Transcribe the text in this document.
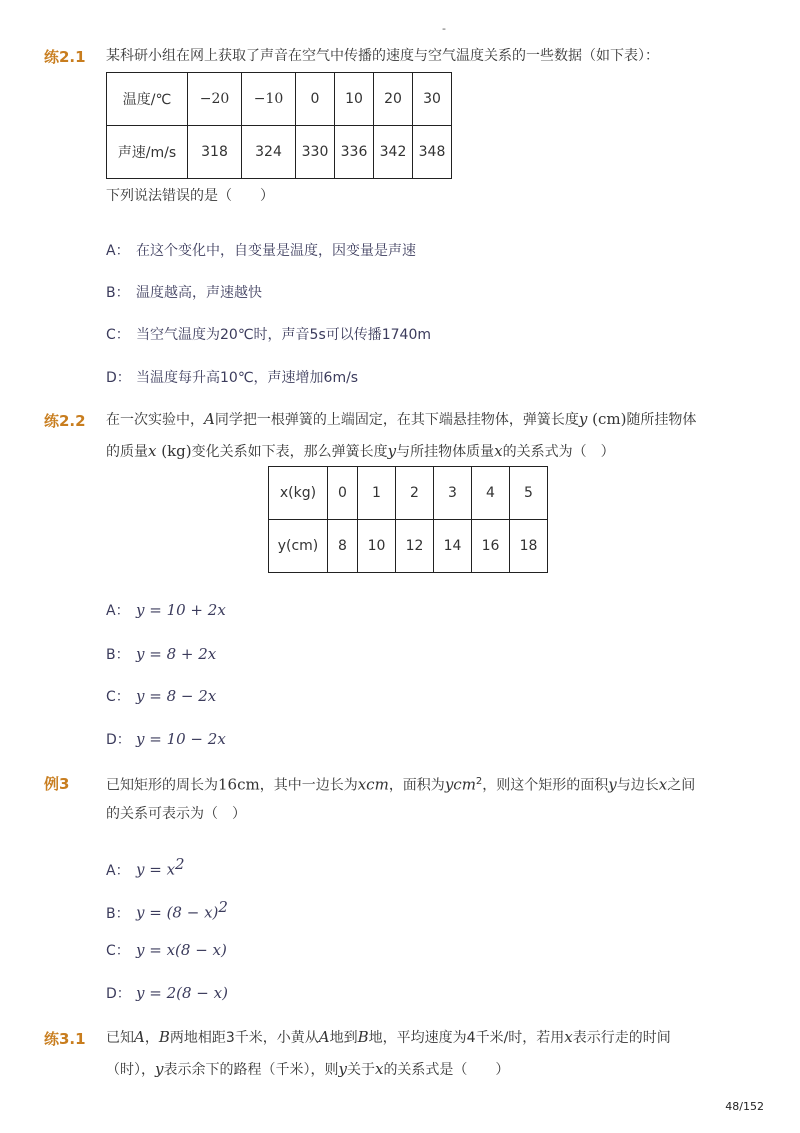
-
练2.1 某科研小组在网上获取了声音在空气中传播的速度与空气温度关系的一些数据（如下表）：
温度/℃	−20	−10	0	10	20	30
声速/m/s	318	324	330	336	342	348
下列说法错误的是（　　）
A： 在这个变化中，自变量是温度，因变量是声速
B： 温度越高，声速越快
C： 当空气温度为20℃时，声音5s可以传播1740m
D： 当温度每升高10℃，声速增加6m/s
练2.2 在一次实验中，A同学把一根弹簧的上端固定，在其下端悬挂物体，弹簧长度y (cm)随所挂物体
的质量x (kg)变化关系如下表，那么弹簧长度y与所挂物体质量x的关系式为（　）
x(kg)	0	1	2	3	4	5
y(cm)	8	10	12	14	16	18
A： y = 10 + 2x
B： y = 8 + 2x
C： y = 8 − 2x
D： y = 10 − 2x
例3	已知矩形的周长为16cm，其中一边长为xcm，面积为ycm$^2$，则这个矩形的面积y与边长x之间
的关系可表示为（　）
A： $y = x^2$
B： $y = (8 - x)^2$
C： y = x(8 − x)
D： y = 2(8 − x)
练3.1 已知A，B两地相距3千米，小黄从A地到B地，平均速度为4千米/时，若用x表示行走的时间
（时），y表示余下的路程（千米），则y关于x的关系式是（　　）
48/152
